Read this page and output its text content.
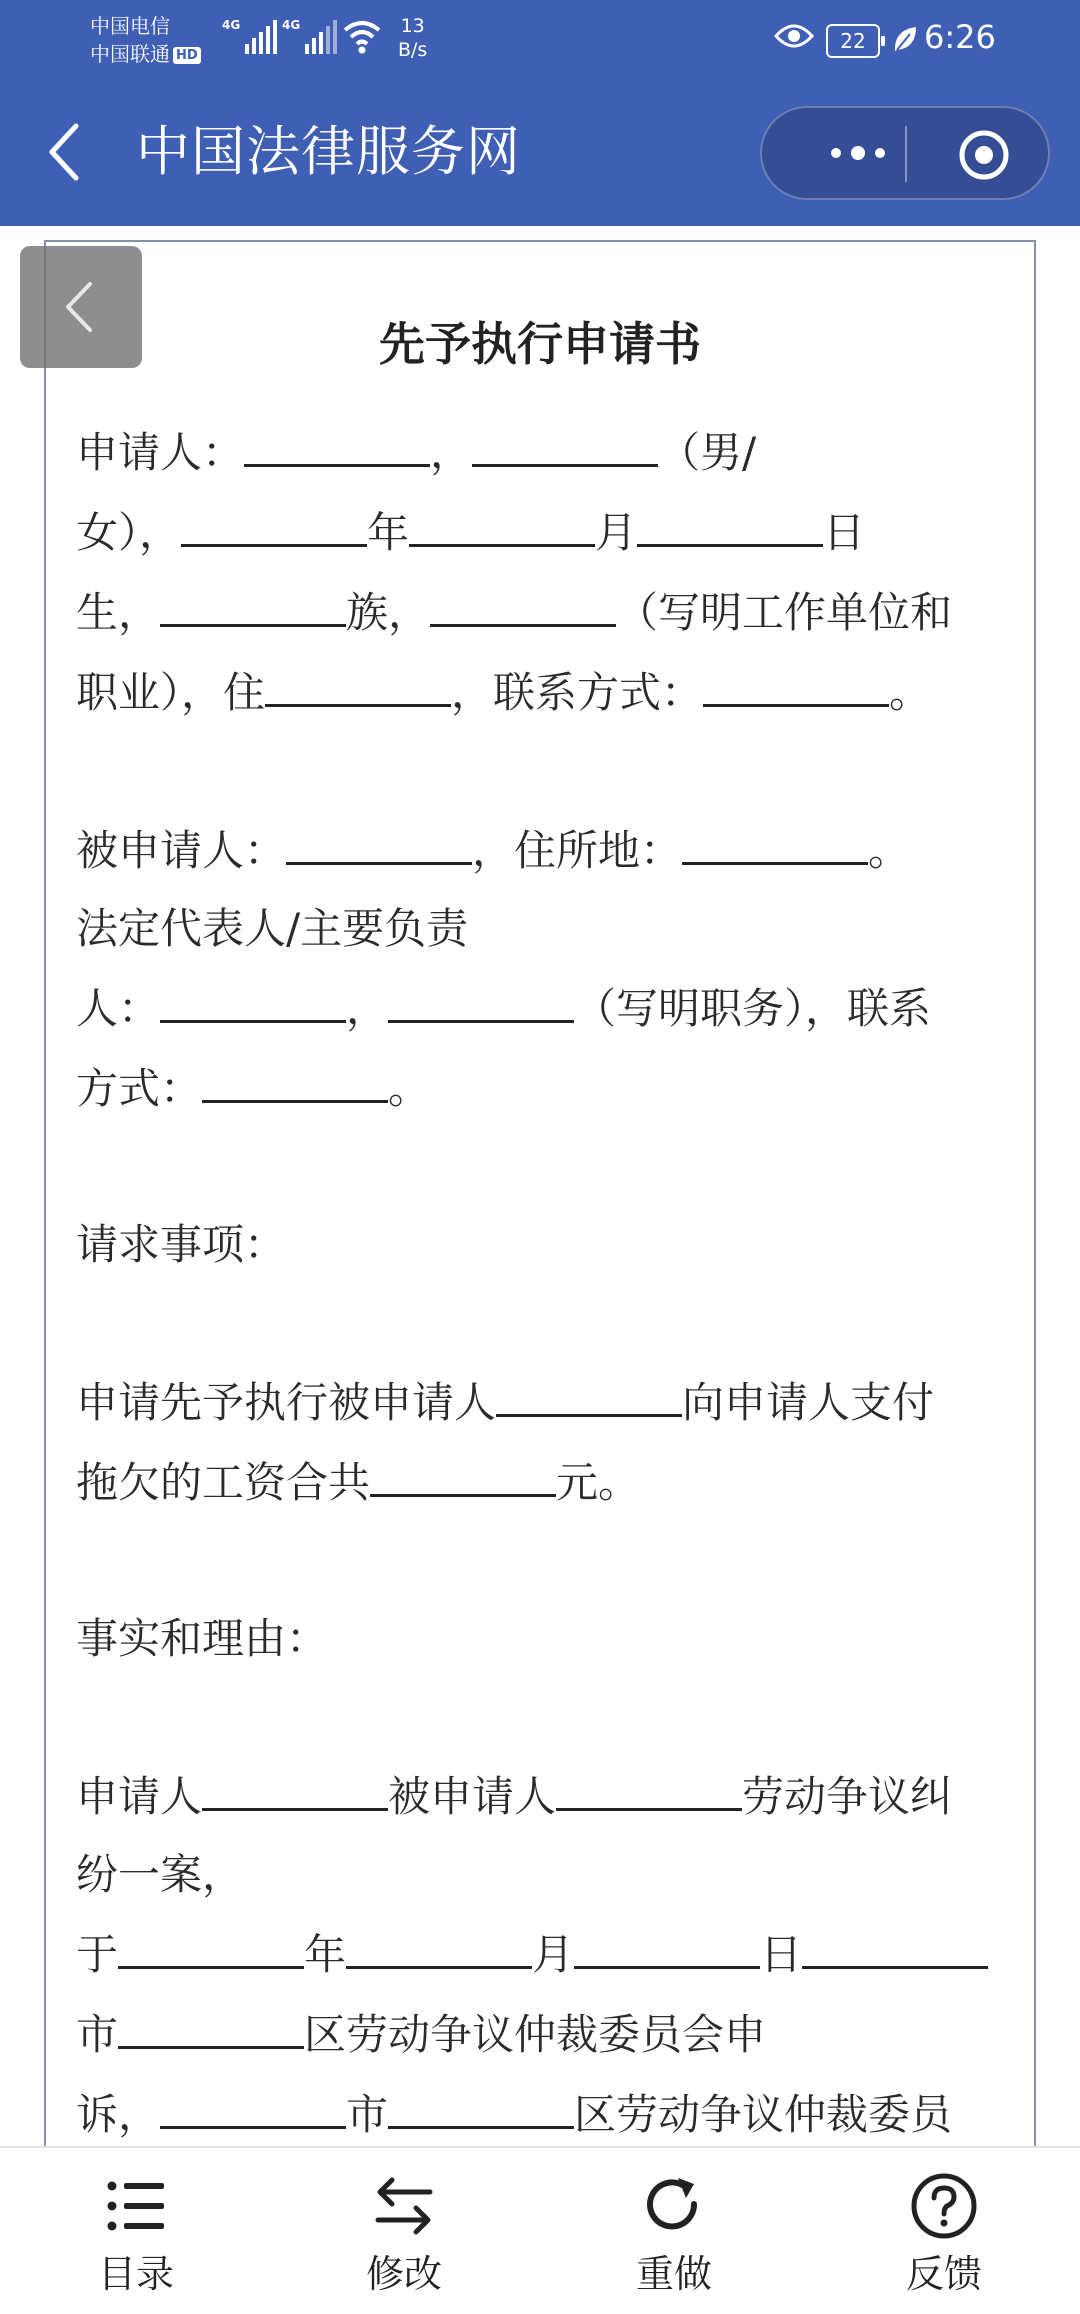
中国电信
中国联通 HD
4G	4G	13
B/s	22	6:26
中国法律服务网
先予执行申请书

申请人：	，	（男/

女），	年	月	日

生，	族，	（写明工作单位和

职业），住	，联系方式：	。

被申请人：	，住所地：	。

法定代表人/主要负责

人：	，	（写明职务），联系

方式：	。

请求事项：

申请先予执行被申请人	向申请人支付

拖欠的工资合共	元。

事实和理由：

申请人	被申请人	劳动争议纠

纷一案，

于	年	月	日

市	区劳动争议仲裁委员会申

诉，	市	区劳动争议仲裁委员

目录	修改	重做	反馈
